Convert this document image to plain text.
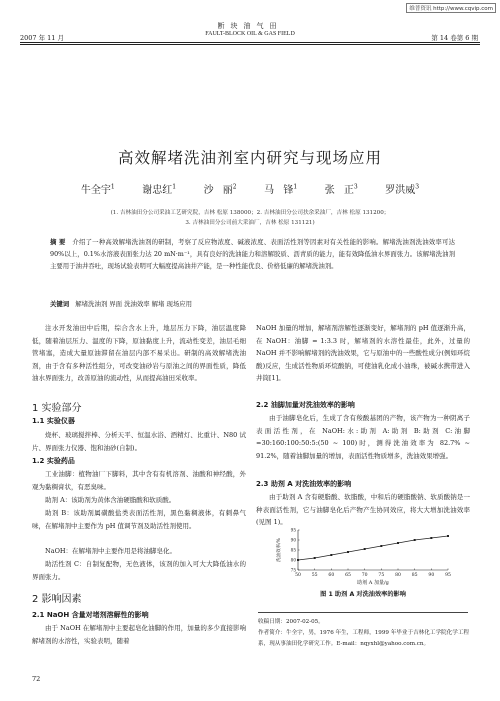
维普资讯 http://www.cqvip.com
断块油气田
FAULT-BLOCK OIL & GAS FIELD
2007 年 11 月	第 14 卷第 6 期
高效解堵洗油剂室内研究与现场应用
牛全宇$^1$	谢忠红$^1$	沙 丽$^2$	马 锋$^1$	张 正$^3$	罗洪威$^3$
(1. 吉林油田分公司采油工艺研究院，吉林 松原 138000；2. 吉林油田分公司扶余采油厂，吉林 松原 131200；
3. 吉林油田分公司前大采油厂，吉林 松原 131121)
摘 要 介绍了一种高效解堵洗油剂的研制，考察了反应物浓度、碱液浓度、表面活性剂等因素对有关性能的影响。解堵洗油剂洗油效率可达 90%以上，0.1%水溶液表面张力达 20 mN·m⁻¹，具有良好的洗油能力和溶解胶质、沥青质的能力，能有效降低油水界面张力。该解堵洗油剂主要用于油井吞吐，现场试验表明可大幅度提高油井产能，是一种性能优良、价格低廉的解堵洗油剂。
关键词 解堵洗油剂 界面 洗油效率 解堵 现场应用
注水开发油田中后期，综合含水上升，地层压力下降，油层温度降低，随着油层压力、温度的下降，原油黏度上升，流动性变差，油层毛细管堵塞，造成大量原油滞留在油层内部不易采出。研制的高效解堵洗油剂，由于含有多种活性组分，可改变油砂岩与原油之间的界面性质，降低油水界面张力，改善原油的流动性，从而提高油田采收率。
1 实验部分
1.1 实验仪器
烧杯、玻璃搅拌棒、分析天平、恒温水浴、酒精灯、比重计、N80 试片、界面张力仪器、饱和油砂(自制)。
1.2 实验药品
工业油脚：植物油厂下脚料，其中含有有机溶剂、油酸和神经酸，外观为黏稠膏状，有恶臭味。
助剂 A：该助剂为黄体含油硬脂酸和软质酸。
助剂 B：该助剂属磺酸盐类表面活性剂，黑色黏稠液体，有刺鼻气味，在解堵剂中主要作为 pH 值调节剂及助活性剂使用。
NaOH：在解堵剂中主要作用是将油脚皂化。
助活性剂 C：自制复配物，无色液体，该剂的加入可大大降低油水的界面张力。
2 影响因素
2.1 NaOH 含量对堵剂溶解性的影响
由于 NaOH 在解堵剂中主要起皂化油脚的作用，加量的多少直接影响解堵剂的水溶性，实验表明，随着
NaOH 加量的增加，解堵剂溶解性逐渐变好，解堵剂的 pH 值逐渐升高，在 NaOH：油脚 = 1:3.3 时，解堵剂的水溶性最佳，此外，过量的 NaOH 并不影响解堵剂的洗油效果，它与原油中的一些酸性成分(例如环烷酸)反应，生成活性物质环烷酸钠，可使油乳化成小油珠，被碱水携带进入井筒[1]。
2.2 油脚加量对洗油效率的影响
由于油脚皂化后，生成了含有羧酸基团的产物，该产物为一种阴离子表面活性剂，在 NaOH:水:助剂 A:助剂 B:助剂 C:油脚=30:160:100:50:5:(50 ~ 100)时，测得洗油效率为 82.7% ~ 91.2%，随着油脚加量的增加，表面活性物质增多，洗油效果增强。
2.3 助剂 A 对洗油效率的影响
由于助剂 A 含有硬脂酸、软脂酸，中和后的硬脂酸钠、软质酸钠是一种表面活性剂，它与油脚皂化后产物产生协同效应，将大大增加洗油效率(见图 1)。
50 55 60 65 70 75 80 85 90 95
75
80
85
90
95
洗油效率/%
助剂 A 加量/g
图 1 助剂 A 对洗油效率的影响
收稿日期：2007-02-05。
作者简介：牛全宇，男，1976 年生，工程师，1999 年毕业于吉林化工学院化学工程系，现从事油田化学研究工作。E-mail：nqyxhl@yahoo.com.cn。
72
